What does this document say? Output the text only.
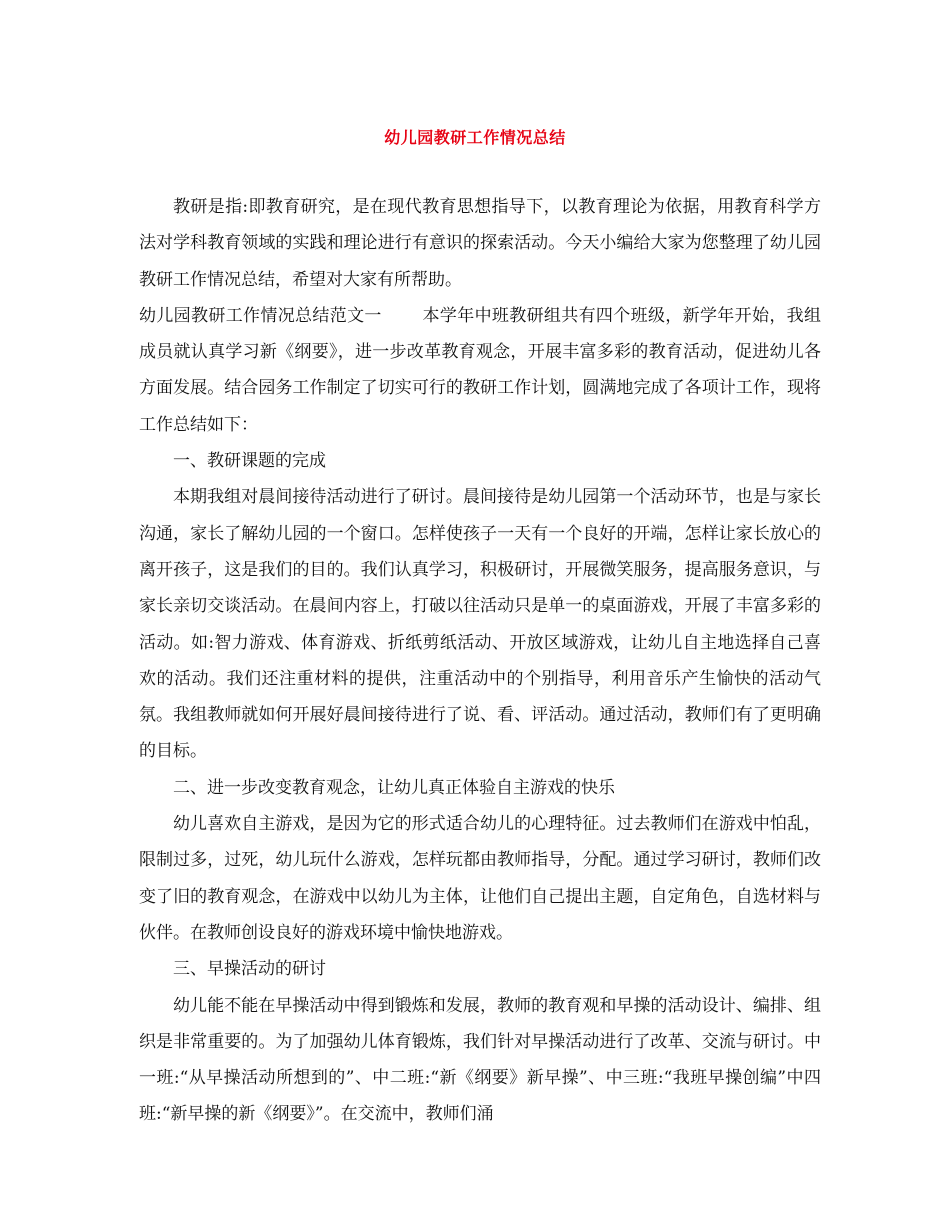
幼儿园教研工作情况总结

教研是指:即教育研究，是在现代教育思想指导下，以教育理论为依据，用教育科学方法对学科教育领域的实践和理论进行有意识的探索活动。今天小编给大家为您整理了幼儿园教研工作情况总结，希望对大家有所帮助。

幼儿园教研工作情况总结范文一 本学年中班教研组共有四个班级，新学年开始，我组成员就认真学习新《纲要》，进一步改革教育观念，开展丰富多彩的教育活动，促进幼儿各方面发展。结合园务工作制定了切实可行的教研工作计划，圆满地完成了各项计工作，现将工作总结如下：

一、教研课题的完成

本期我组对晨间接待活动进行了研讨。晨间接待是幼儿园第一个活动环节，也是与家长沟通，家长了解幼儿园的一个窗口。怎样使孩子一天有一个良好的开端，怎样让家长放心的离开孩子，这是我们的目的。我们认真学习，积极研讨，开展微笑服务，提高服务意识，与家长亲切交谈活动。在晨间内容上，打破以往活动只是单一的桌面游戏，开展了丰富多彩的活动。如:智力游戏、体育游戏、折纸剪纸活动、开放区域游戏，让幼儿自主地选择自己喜欢的活动。我们还注重材料的提供，注重活动中的个别指导，利用音乐产生愉快的活动气氛。我组教师就如何开展好晨间接待进行了说、看、评活动。通过活动，教师们有了更明确的目标。

二、进一步改变教育观念，让幼儿真正体验自主游戏的快乐

幼儿喜欢自主游戏，是因为它的形式适合幼儿的心理特征。过去教师们在游戏中怕乱，限制过多，过死，幼儿玩什么游戏，怎样玩都由教师指导，分配。通过学习研讨，教师们改变了旧的教育观念，在游戏中以幼儿为主体，让他们自己提出主题，自定角色，自选材料与伙伴。在教师创设良好的游戏环境中愉快地游戏。

三、早操活动的研讨

幼儿能不能在早操活动中得到锻炼和发展，教师的教育观和早操的活动设计、编排、组织是非常重要的。为了加强幼儿体育锻炼，我们针对早操活动进行了改革、交流与研讨。中一班:“从早操活动所想到的”、中二班:“新《纲要》新早操”、中三班:“我班早操创编”中四班:“新早操的新《纲要》”。在交流中，教师们涌
